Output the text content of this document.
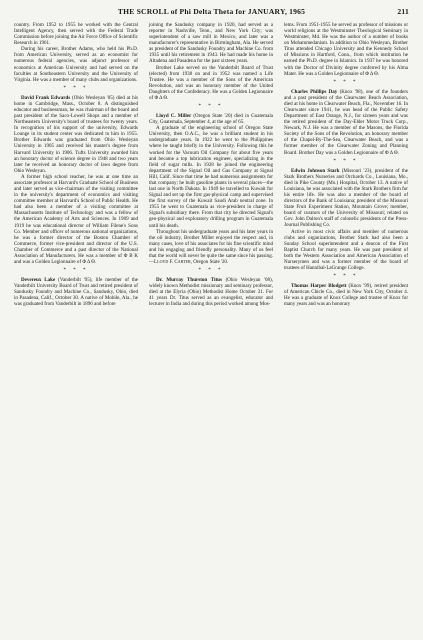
THE SCROLL of Phi Delta Theta for JANUARY, 1965	211

country. From 1952 to 1955 he worked with the Central Intelligent Agency, then served with the Federal Trade Commission before joining the Air Force Office of Scientific Research in 1961.

During his career, Brother Adams, who held his Ph.D. from American University, served as an economist for numerous federal agencies, was adjunct professor of economics at American University and had served on the faculties at Southeastern University and the University of Virginia. He was a member of many clubs and organizations.

* * *

David Frank Edwards (Ohio Wesleyan '05) died at his home in Cambridge, Mass., October 8. A distinguished educator and businessman, he was chairman of the board and past president of the Saco-Lowell Shops and a member of Northeastern University's board of trustees for twenty years. In recognition of his support of the university, Edwards Lounge in its student center was dedicated to him in 1955. Brother Edwards was graduated from Ohio Wesleyan University in 1905 and received his master's degree from Harvard University in 1906. Tufts University awarded him an honorary doctor of science degree in 1948 and two years later he received an honorary doctor of laws degree from Ohio Wesleyan.

A former high school teacher, he was at one time an associate professor at Harvard's Graduate School of Business and later served as vice-chairman of the visiting committee in the university's department of economics and visiting committee member at Harvard's School of Public Health. He had also been a member of a visiting committee at Massachusetts Institute of Technology and was a fellow of the American Academy of Arts and Sciences. In 1909 and 1919 he was educational director of William Filene's Sons Co. Member and officer of numerous national organizations, he was a former director of the Boston Chamber of Commerce, former vice-president and director of the U.S. Chamber of Commerce and a past director of the National Association of Manufacturers. He was a member of Φ Β Κ and was a Golden Legionnaire of Φ Δ Θ.

* * *

Devereux Lake (Vanderbilt '95), life member of the Vanderbilt University Board of Trust and retired president of Sandusky Foundry and Machine Co., Sandusky, Ohio, died in Pasadena, Calif., October 30. A native of Mobile, Ala., he was graduated from Vanderbilt in 1896 and before

joining the Sandusky company in 1920, had served as a reporter in Nashville, Tenn., and New York City; was superintendent of a saw mill in Mexico, and later was a manufacturer's representative in Birmingham, Ala. He served as president of the Sandusky Foundry and Machine Co. from 1935 until his retirement in 1943. He had made his home in Altadena and Pasadena for the past sixteen years.

Brother Lake served on the Vanderbilt Board of Trust (elected) from 1938 on and in 1952 was named a Life Trustee. He was a member of the Sons of the American Revolution, and was an honorary member of the United Daughters of the Confederacy. He was a Golden Legionnaire of Φ Δ Θ.

* * *

Lloyd C. Miller (Oregon State '20) died in Guatemala City, Guatemala, September 4, at the age of 65.

A graduate of the engineering school of Oregon State University, then O.A.C., he was a brilliant student in his undergraduate years. In 1922 he went to the Philippines where he taught briefly in the University. Following this he worked for the Vacuum Oil Company for about five years and became a top lubrication engineer, specializing in the field of sugar mills. In 1928 he joined the engineering department of the Signal Oil and Gas Company at Signal Hill, Calif. Since that time he had numerous assignments for that company; he built gasoline plants in several places—the last one in North Dakota. In 1949 he travelled to Kuwait for Signal and set up the first gas-physical camp and supervised the first survey of the Kuwait Saudi Arab neutral zone. In 1955 he went to Guatemala as vice-president in charge of Signal's subsidiary there. From that city he directed Signal's geo-physical and exploratory drilling program in Guatemala until his death.

Throughout his undergraduate years and his later years in the oil industry, Brother Miller enjoyed the respect and, in many cases, love of his associates for his fine scientific mind and his engaging and friendly personality. Many of us feel that the world will never be quite the same since his passing.—Lloyd F. Carter, Oregon State '20.

* * *

Dr. Murray Thurston Titus (Ohio Wesleyan '08), widely known Methodist missionary and seminary professor, died at the Elyria (Ohio) Methodist Home October 31. For 41 years Dr. Titus served as an evangelist, educator and lecturer in India and during this period worked among Mos-

lems. From 1951-1955 he served as professor of missions or world religions at the Westminster Theological Seminary in Westminster, Md. He was the author of a number of books on Mohammedanism. In addition to Ohio Wesleyan, Brother Titus attended Chicago University and the Kennedy School of Missions in Hartford, Conn., from which institution he earned the Ph.D. degree in Islamics. In 1937 he was honored with the Doctor of Divinity degree conferred by his Alma Mater. He was a Golden Legionnaire of Φ Δ Θ.

* * *

Charles Phillips Day (Knox '98), one of the founders and a past president of the Clearwater Beach Association, died at his home in Clearwater Beach, Fla., November 16. In Clearwater since 1941, he was head of the Public Safety Department of East Orange, N.J., for sixteen years and was the retired president of the Day-Elder Motor Truck Corp., Newark, N.J. He was a member of the Masons, the Florida Society of the Sons of the Revolution, an honorary member of the Chapel-By-The-Sea, Clearwater Beach, and was a former member of the Clearwater Zoning and Planning Board. Brother Day was a Golden Legionnaire of Φ Δ Θ.

* * *

Edwin Johnson Stark (Missouri '23), president of the Stark Brothers Nurseries and Orchards Co., Louisiana, Mo., died in Pike County (Mo.) Hospital, October 13. A native of Louisiana, he was associated with the Stark Brothers firm for his entire life. He was also a member of the board of directors of the Bank of Louisiana; president of the Missouri State Fruit Experiment Station, Mountain Grove; member, board of curators of the University of Missouri; related on Gov. John Dalton's staff of colonelic presidents of the Press-Journal Publishing Co.

Active in most civic affairs and member of numerous clubs and organizations, Brother Stark had also been a Sunday School superintendent and a deacon of the First Baptist Church for many years. He was past president of both the Western Association and American Association of Nurserymen and was a former member of the board of trustees of Hannibal-LaGrange College.

* * *

Thomas Harper Blodgett (Knox '99), retired president of American Chicle Co., died in New York City, October 4. He was a graduate of Knox College and trustee of Knox for many years and was an honorary
